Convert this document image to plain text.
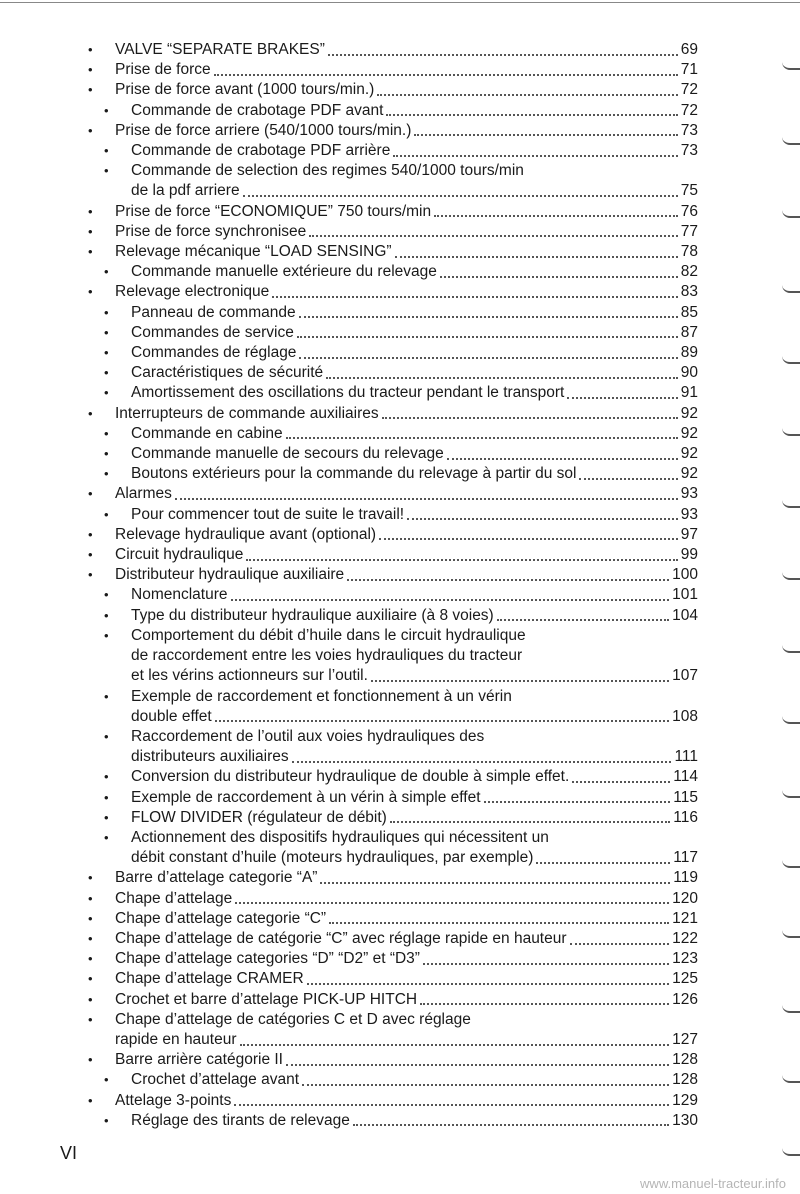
•	VALVE “SEPARATE BRAKES”	69
•	Prise de force	71
•	Prise de force avant (1000 tours/min.)	72
•	Commande de crabotage PDF avant	72
•	Prise de force arriere (540/1000 tours/min.)	73
•	Commande de crabotage PDF arrière	73
•	Commande de selection des regimes 540/1000 tours/min
de la pdf arriere	75
•	Prise de force “ECONOMIQUE” 750 tours/min	76
•	Prise de force synchronisee	77
•	Relevage mécanique “LOAD SENSING”	78
•	Commande manuelle extérieure du relevage	82
•	Relevage electronique	83
•	Panneau de commande	85
•	Commandes de service	87
•	Commandes de réglage	89
•	Caractéristiques de sécurité	90
•	Amortissement des oscillations du tracteur pendant le transport	91
•	Interrupteurs de commande auxiliaires	92
•	Commande en cabine	92
•	Commande manuelle de secours du relevage	92
•	Boutons extérieurs pour la commande du relevage à partir du sol	92
•	Alarmes	93
•	Pour commencer tout de suite le travail!	93
•	Relevage hydraulique avant (optional)	97
•	Circuit hydraulique	99
•	Distributeur hydraulique auxiliaire	100
•	Nomenclature	101
•	Type du distributeur hydraulique auxiliaire (à 8 voies)	104
•	Comportement du débit d’huile dans le circuit hydraulique
de raccordement entre les voies hydrauliques du tracteur
et les vérins actionneurs sur l’outil.	107
•	Exemple de raccordement et fonctionnement à un vérin
double effet	108
•	Raccordement de l’outil aux voies hydrauliques des
distributeurs auxiliaires	111
•	Conversion du distributeur hydraulique de double à simple effet.	114
•	Exemple de raccordement à un vérin à simple effet	115
•	FLOW DIVIDER (régulateur de débit)	116
•	Actionnement des dispositifs hydrauliques qui nécessitent un
débit constant d’huile (moteurs hydrauliques, par exemple)	117
•	Barre d’attelage categorie “A”	119
•	Chape d’attelage	120
•	Chape d’attelage categorie “C”	121
•	Chape d’attelage de catégorie “C” avec réglage rapide en hauteur	122
•	Chape d’attelage categories “D” “D2” et “D3”	123
•	Chape d’attelage CRAMER	125
•	Crochet et barre d’attelage PICK-UP HITCH	126
•	Chape d’attelage de catégories C et D avec réglage
rapide en hauteur	127
•	Barre arrière catégorie II	128
•	Crochet d’attelage avant	128
•	Attelage 3-points	129
•	Réglage des tirants de relevage	130
VI
www.manuel-tracteur.info
